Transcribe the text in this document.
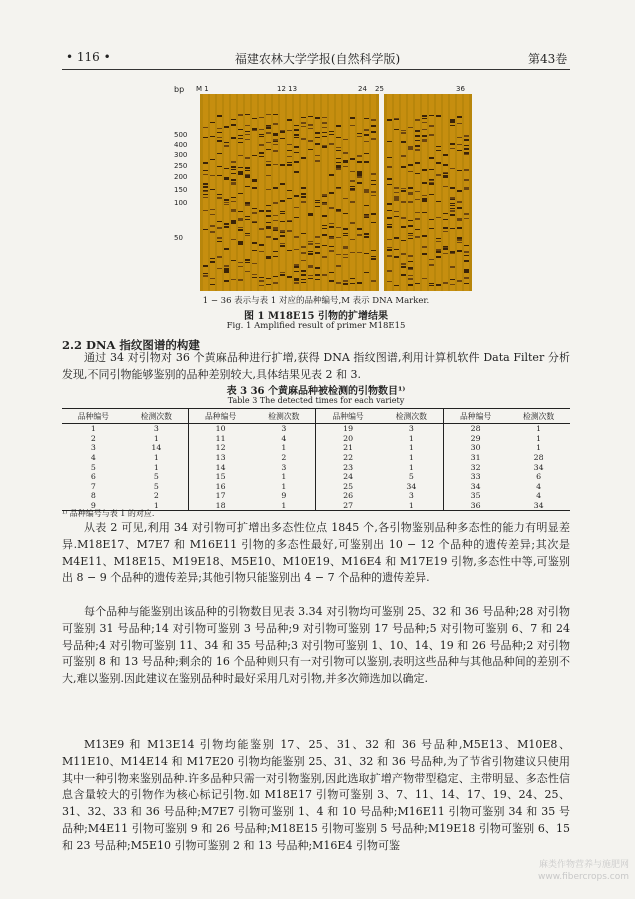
• 116 •	福建农林大学学报(自然科学版)	第43卷
bp M 1	12 13	24 25	36
500
400
300
250
200
150
100
50
1 − 36 表示与表 1 对应的品种编号,M 表示 DNA Marker.
图 1 M18E15 引物的扩增结果
Fig. 1 Amplified result of primer M18E15
2.2 DNA 指纹图谱的构建
通过 34 对引物对 36 个黄麻品种进行扩增,获得 DNA 指纹图谱,利用计算机软件 Data Filter 分析发现,不同引物能够鉴别的品种差别较大,具体结果见表 2 和 3.
表 3 36 个黄麻品种被检测的引物数目¹⁾
Table 3 The detected times for each variety
品种编号	检测次数	品种编号	检测次数	品种编号	检测次数	品种编号	检测次数
1	3	10	3	19	3	28	1
2	1	11	4	20	1	29	1
3	14	12	1	21	1	30	1
4	1	13	2	22	1	31	28
5	1	14	3	23	1	32	34
6	5	15	1	24	5	33	6
7	5	16	1	25	34	34	4
8	2	17	9	26	3	35	4
9	1	18	1	27	1	36	34
¹⁾ 品种编号与表 1 的对应.
从表 2 可见,利用 34 对引物可扩增出多态性位点 1845 个,各引物鉴别品种多态性的能力有明显差异.M18E17、M7E7 和 M16E11 引物的多态性最好,可鉴别出 10 − 12 个品种的遗传差异;其次是 M4E11、M18E15、M19E18、M5E10、M10E19、M16E4 和 M17E19 引物,多态性中等,可鉴别出 8 − 9 个品种的遗传差异;其他引物只能鉴别出 4 − 7 个品种的遗传差异.
每个品种与能鉴别出该品种的引物数目见表 3.34 对引物均可鉴别 25、32 和 36 号品种;28 对引物可鉴别 31 号品种;14 对引物可鉴别 3 号品种;9 对引物可鉴别 17 号品种;5 对引物可鉴别 6、7 和 24 号品种;4 对引物可鉴别 11、34 和 35 号品种;3 对引物可鉴别 1、10、14、19 和 26 号品种;2 对引物可鉴别 8 和 13 号品种;剩余的 16 个品种则只有一对引物可以鉴别,表明这些品种与其他品种间的差别不大,难以鉴别.因此建议在鉴别品种时最好采用几对引物,并多次筛选加以确定.
M13E9 和 M13E14 引物均能鉴别 17、25、31、32 和 36 号品种,M5E13、M10E8、M11E10、M14E14 和 M17E20 引物均能鉴别 25、31、32 和 36 号品种,为了节省引物建议只使用其中一种引物来鉴别品种.许多品种只需一对引物鉴别,因此选取扩增产物带型稳定、主带明显、多态性信息含量较大的引物作为核心标记引物.如 M18E17 引物可鉴别 3、7、11、14、17、19、24、25、31、32、33 和 36 号品种;M7E7 引物可鉴别 1、4 和 10 号品种;M16E11 引物可鉴别 34 和 35 号品种;M4E11 引物可鉴别 9 和 26 号品种;M18E15 引物可鉴别 5 号品种;M19E18 引物可鉴别 6、15 和 23 号品种;M5E10 引物可鉴别 2 和 13 号品种;M16E4 引物可鉴
麻类作物营养与施肥网
www.fibercrops.com
